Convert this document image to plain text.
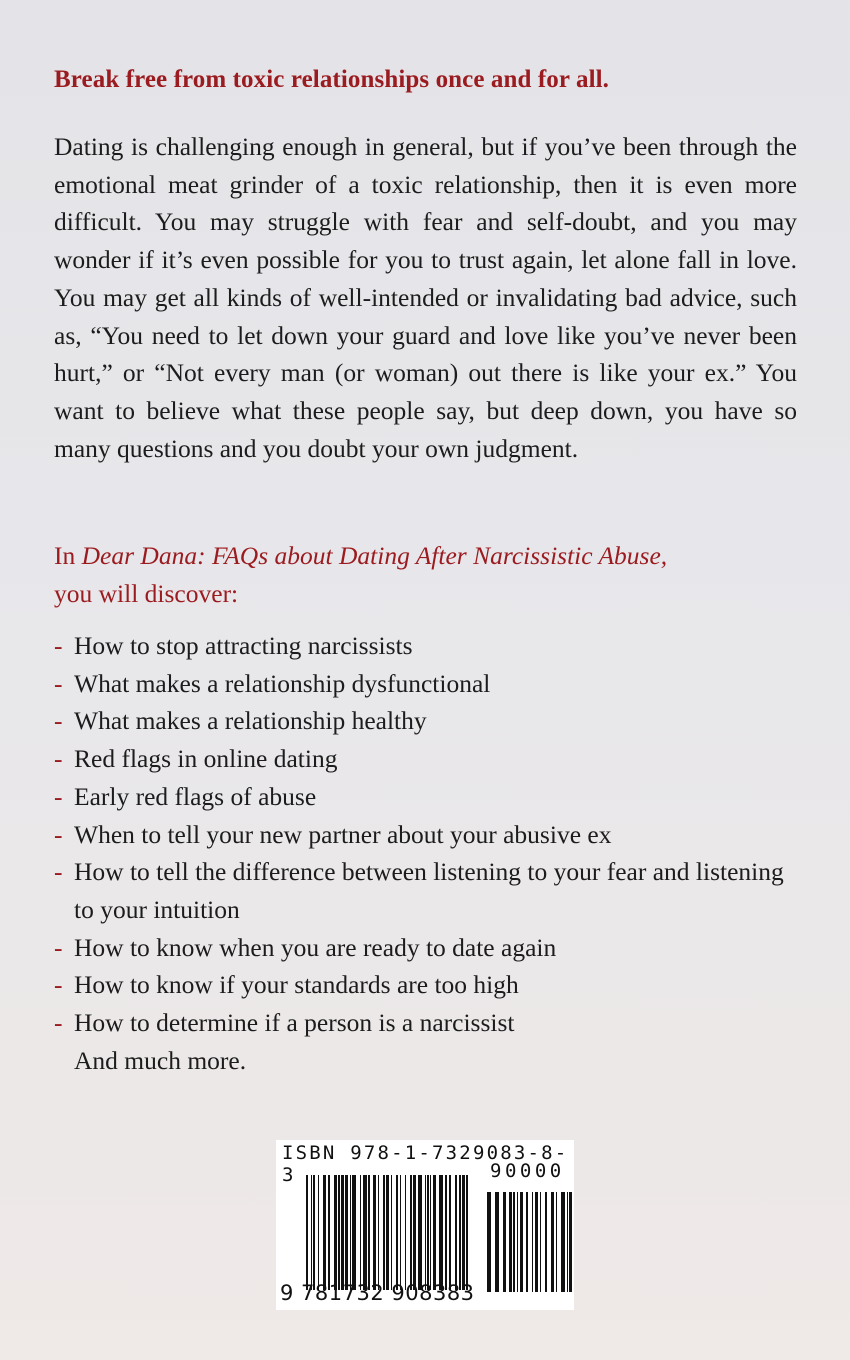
Break free from toxic relationships once and for all.

Dating is challenging enough in general, but if you’ve been through the emotional meat grinder of a toxic relationship, then it is even more difficult. You may struggle with fear and self-doubt, and you may wonder if it’s even possible for you to trust again, let alone fall in love. You may get all kinds of well-intended or invalidating bad advice, such as, “You need to let down your guard and love like you’ve never been hurt,” or “Not every man (or woman) out there is like your ex.” You want to believe what these people say, but deep down, you have so many questions and you doubt your own judgment.

In Dear Dana: FAQs about Dating After Narcissistic Abuse,
you will discover:

- How to stop attracting narcissists
- What makes a relationship dysfunctional
- What makes a relationship healthy
- Red flags in online dating
- Early red flags of abuse
- When to tell your new partner about your abusive ex
- How to tell the difference between listening to your fear and listening to your intuition
- How to know when you are ready to date again
- How to know if your standards are too high
- How to determine if a person is a narcissist
And much more.
ISBN 978-1-7329083-8-3	90000
9 781732 908383
